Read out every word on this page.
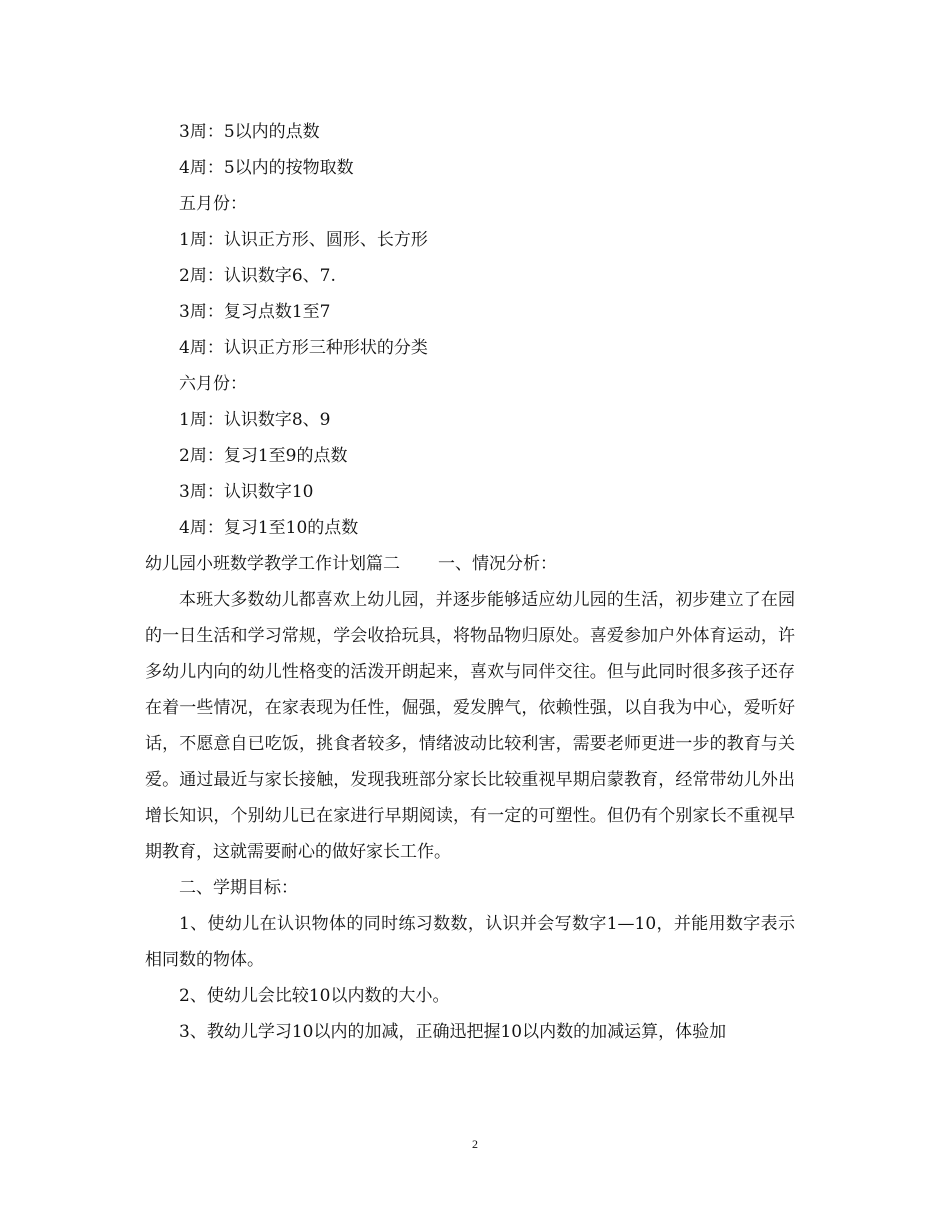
3周：5以内的点数
4周：5以内的按物取数
五月份：
1周：认识正方形、圆形、长方形
2周：认识数字6、7.
3周：复习点数1至7
4周：认识正方形三种形状的分类
六月份：
1周：认识数字8、9
2周：复习1至9的点数
3周：认识数字10
4周：复习1至10的点数
幼儿园小班数学教学工作计划篇二 一、情况分析：

本班大多数幼儿都喜欢上幼儿园，并逐步能够适应幼儿园的生活，初步建立了在园的一日生活和学习常规，学会收拾玩具，将物品物归原处。喜爱参加户外体育运动，许多幼儿内向的幼儿性格变的活泼开朗起来，喜欢与同伴交往。但与此同时很多孩子还存在着一些情况，在家表现为任性，倔强，爱发脾气，依赖性强，以自我为中心，爱听好话，不愿意自已吃饭，挑食者较多，情绪波动比较利害，需要老师更进一步的教育与关爱。通过最近与家长接触，发现我班部分家长比较重视早期启蒙教育，经常带幼儿外出增长知识，个别幼儿已在家进行早期阅读，有一定的可塑性。但仍有个别家长不重视早期教育，这就需要耐心的做好家长工作。

二、学期目标：

1、使幼儿在认识物体的同时练习数数，认识并会写数字1—10，并能用数字表示相同数的物体。

2、使幼儿会比较10以内数的大小。

3、教幼儿学习10以内的加减，正确迅把握10以内数的加减运算，体验加

2
